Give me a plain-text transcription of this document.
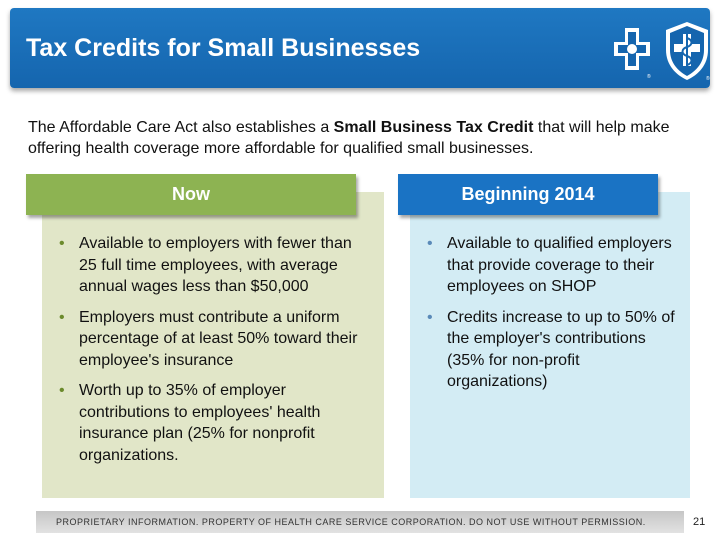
Tax Credits for Small Businesses
®	®
The Affordable Care Act also establishes a Small Business Tax Credit that will help make offering health coverage more affordable for qualified small businesses.
Now	Beginning 2014
• Available to employers with fewer than 25 full time employees, with average annual wages less than $50,000
• Employers must contribute a uniform percentage of at least 50% toward their employee's insurance
• Worth up to 35% of employer contributions to employees' health insurance plan (25% for nonprofit organizations.
• Available to qualified employers that provide coverage to their employees on SHOP
• Credits increase to up to 50% of the employer's contributions (35% for non-profit organizations)
PROPRIETARY INFORMATION. PROPERTY OF HEALTH CARE SERVICE CORPORATION. DO NOT USE WITHOUT PERMISSION.	21
